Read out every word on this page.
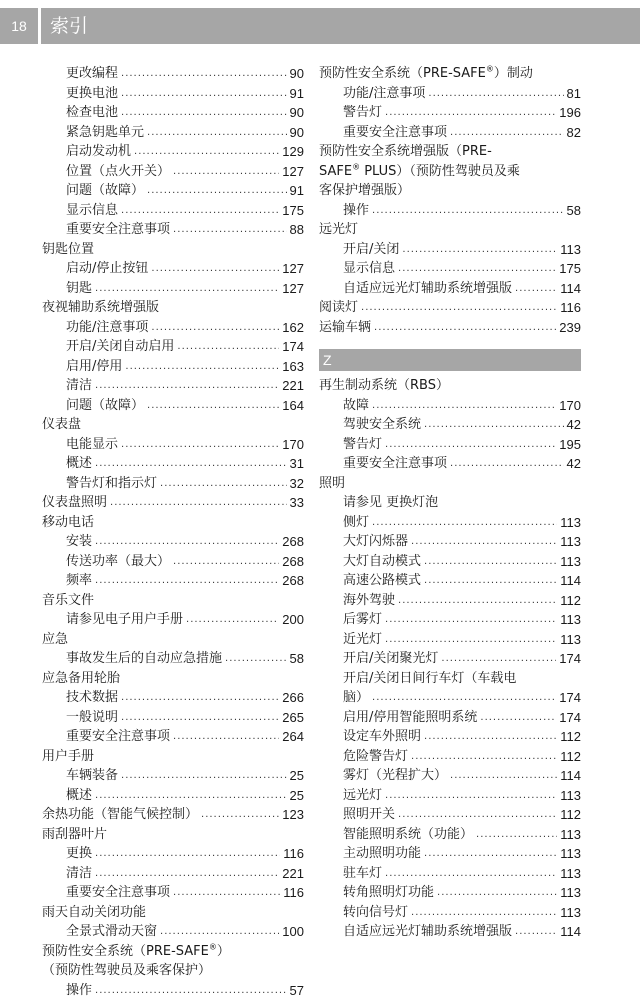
18	索引
更改编程 .....	90
更换电池 .....	91
检查电池 .....	90
紧急钥匙单元 .....	90
启动发动机 .....	129
位置（点火开关） .....	127
问题（故障） .....	91
显示信息 .....	175
重要安全注意事项 .....	88
钥匙位置
启动/停止按钮 .....	127
钥匙 .....	127
夜视辅助系统增强版
功能/注意事项 .....	162
开启/关闭自动启用 .....	174
启用/停用 .....	163
清洁 .....	221
问题（故障） .....	164
仪表盘
电能显示 .....	170
概述 .....	31
警告灯和指示灯 .....	32
仪表盘照明 .....	33
移动电话
安装 .....	268
传送功率（最大） .....	268
频率 .....	268
音乐文件
请参见电子用户手册 .....	200
应急
事故发生后的自动应急措施 .....	58
应急备用轮胎
技术数据 .....	266
一般说明 .....	265
重要安全注意事项 .....	264
用户手册
车辆装备 .....	25
概述 .....	25
余热功能（智能气候控制） .....	123
雨刮器叶片
更换 .....	116
清洁 .....	221
重要安全注意事项 .....	116
雨天自动关闭功能
全景式滑动天窗 .....	100
预防性安全系统（PRE-SAFE®）
（预防性驾驶员及乘客保护）
操作 .....	57
预防性安全系统（PRE-SAFE®）制动
功能/注意事项 .....	81
警告灯 .....	196
重要安全注意事项 .....	82
预防性安全系统增强版（PRE-
SAFE® PLUS）（预防性驾驶员及乘
客保护增强版）
操作 .....	58
远光灯
开启/关闭 .....	113
显示信息 .....	175
自适应远光灯辅助系统增强版 .....	114
阅读灯 .....	116
运输车辆 .....	239
Z
再生制动系统（RBS）
故障 .....	170
驾驶安全系统 .....	42
警告灯 .....	195
重要安全注意事项 .....	42
照明
请参见 更换灯泡
侧灯 .....	113
大灯闪烁器 .....	113
大灯自动模式 .....	113
高速公路模式 .....	114
海外驾驶 .....	112
后雾灯 .....	113
近光灯 .....	113
开启/关闭聚光灯 .....	174
开启/关闭日间行车灯（车载电
脑） .....	174
启用/停用智能照明系统 .....	174
设定车外照明 .....	112
危险警告灯 .....	112
雾灯（光程扩大） .....	114
远光灯 .....	113
照明开关 .....	112
智能照明系统（功能） .....	113
主动照明功能 .....	113
驻车灯 .....	113
转角照明灯功能 .....	113
转向信号灯 .....	113
自适应远光灯辅助系统增强版 .....	114
